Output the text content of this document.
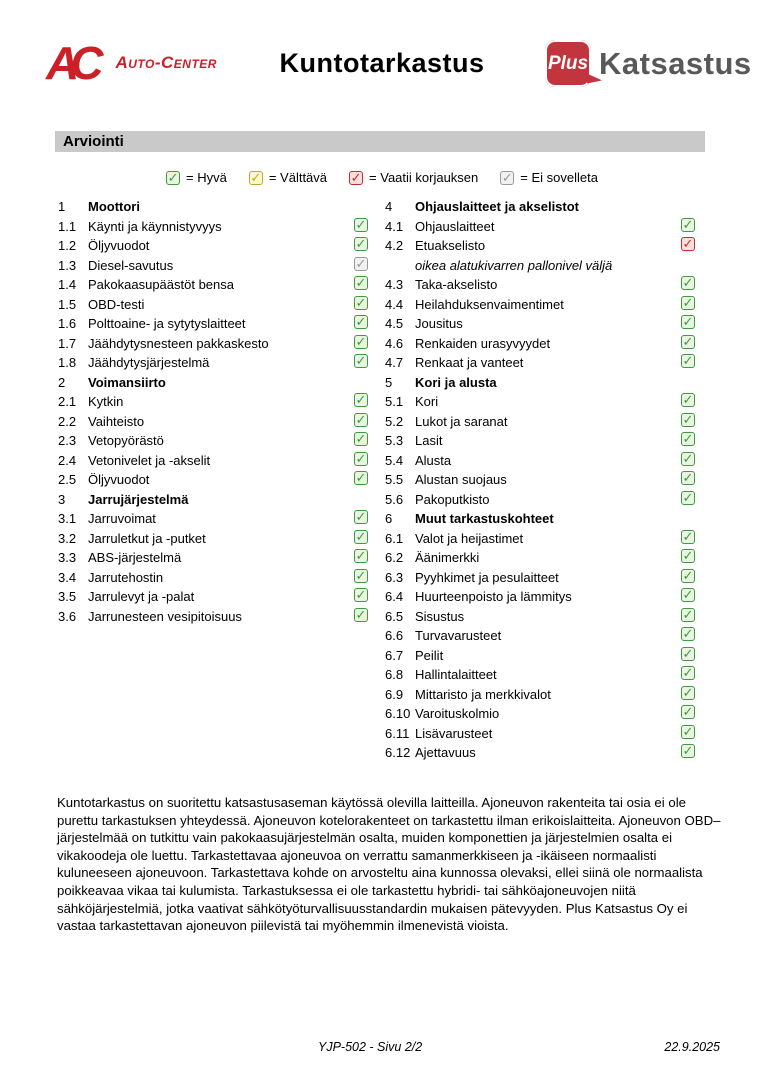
AC	Auto-Center	Kuntotarkastus	Plus Katsastus
Arviointi
✓ = Hyvä ✓ = Välttävä ✓ = Vaatii korjauksen ✓ = Ei sovelleta
1 Moottori
1.1 Käynti ja käynnistyvyys	✓
1.2 Öljyvuodot	✓
1.3 Diesel-savutus	✓
1.4 Pakokaasupäästöt bensa	✓
1.5 OBD-testi	✓
1.6 Polttoaine- ja sytytyslaitteet	✓
1.7 Jäähdytysnesteen pakkaskesto	✓
1.8 Jäähdytysjärjestelmä	✓
2 Voimansiirto
2.1 Kytkin	✓
2.2 Vaihteisto	✓
2.3 Vetopyörästö	✓
2.4 Vetonivelet ja -akselit	✓
2.5 Öljyvuodot	✓
3 Jarrujärjestelmä
3.1 Jarruvoimat	✓
3.2 Jarruletkut ja -putket	✓
3.3 ABS-järjestelmä	✓
3.4 Jarrutehostin	✓
3.5 Jarrulevyt ja -palat	✓
3.6 Jarrunesteen vesipitoisuus	✓
4 Ohjauslaitteet ja akselistot
4.1 Ohjauslaitteet	✓
4.2 Etuakselisto	✓
oikea alatukivarren pallonivel väljä
4.3 Taka-akselisto	✓
4.4 Heilahduksenvaimentimet	✓
4.5 Jousitus	✓
4.6 Renkaiden urasyvyydet	✓
4.7 Renkaat ja vanteet	✓
5 Kori ja alusta
5.1 Kori	✓
5.2 Lukot ja saranat	✓
5.3 Lasit	✓
5.4 Alusta	✓
5.5 Alustan suojaus	✓
5.6 Pakoputkisto	✓
6 Muut tarkastuskohteet
6.1 Valot ja heijastimet	✓
6.2 Äänimerkki	✓
6.3 Pyyhkimet ja pesulaitteet	✓
6.4 Huurteenpoisto ja lämmitys	✓
6.5 Sisustus	✓
6.6 Turvavarusteet	✓
6.7 Peilit	✓
6.8 Hallintalaitteet	✓
6.9 Mittaristo ja merkkivalot	✓
6.10 Varoituskolmio	✓
6.11 Lisävarusteet	✓
6.12 Ajettavuus	✓
Kuntotarkastus on suoritettu katsastusaseman käytössä olevilla laitteilla. Ajoneuvon rakenteita tai osia ei ole purettu tarkastuksen yhteydessä. Ajoneuvon kotelorakenteet on tarkastettu ilman erikoislaitteita. Ajoneuvon OBD–järjestelmää on tutkittu vain pakokaasujärjestelmän osalta, muiden komponettien ja järjestelmien osalta ei vikakoodeja ole luettu. Tarkastettavaa ajoneuvoa on verrattu samanmerkkiseen ja -ikäiseen normaalisti kuluneeseen ajoneuvoon. Tarkastettava kohde on arvosteltu aina kunnossa olevaksi, ellei siinä ole normaalista poikkeavaa vikaa tai kulumista. Tarkastuksessa ei ole tarkastettu hybridi- tai sähköajoneuvojen niitä sähköjärjestelmiä, jotka vaativat sähkötyöturvallisuusstandardin mukaisen pätevyyden. Plus Katsastus Oy ei vastaa tarkastettavan ajoneuvon piilevistä tai myöhemmin ilmenevistä vioista.
YJP-502 - Sivu 2/2	22.9.2025
